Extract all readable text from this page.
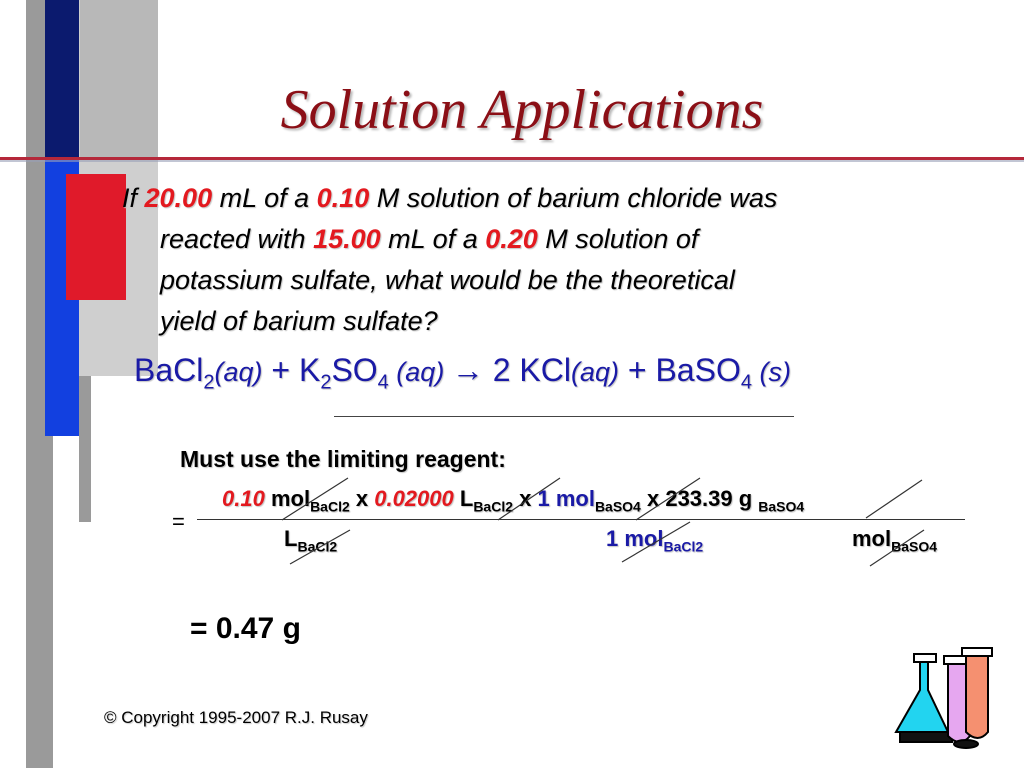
Solution Applications
If 20.00 mL of a 0.10 M solution of barium chloride was
reacted with 15.00 mL of a 0.20 M solution of
potassium sulfate, what would be the theoretical
yield of barium sulfate?
BaCl$_2$(aq) + $K_2SO_4$ (aq) → 2 KCl(aq) + BaSO$_4$ (s)
Must use the limiting reagent:
=
0.10 mol$_{BaCl2}$ x 0.02000 $L_{BaCl2}$ x 1 mol$_{BaSO4}$ x 233.39 g $_{BaSO4}$
$L_{BaCl2}$	1 mol$_{BaCl2}$	mol$_{BaSO4}$
= 0.47 g
© Copyright 1995-2007 R.J. Rusay
